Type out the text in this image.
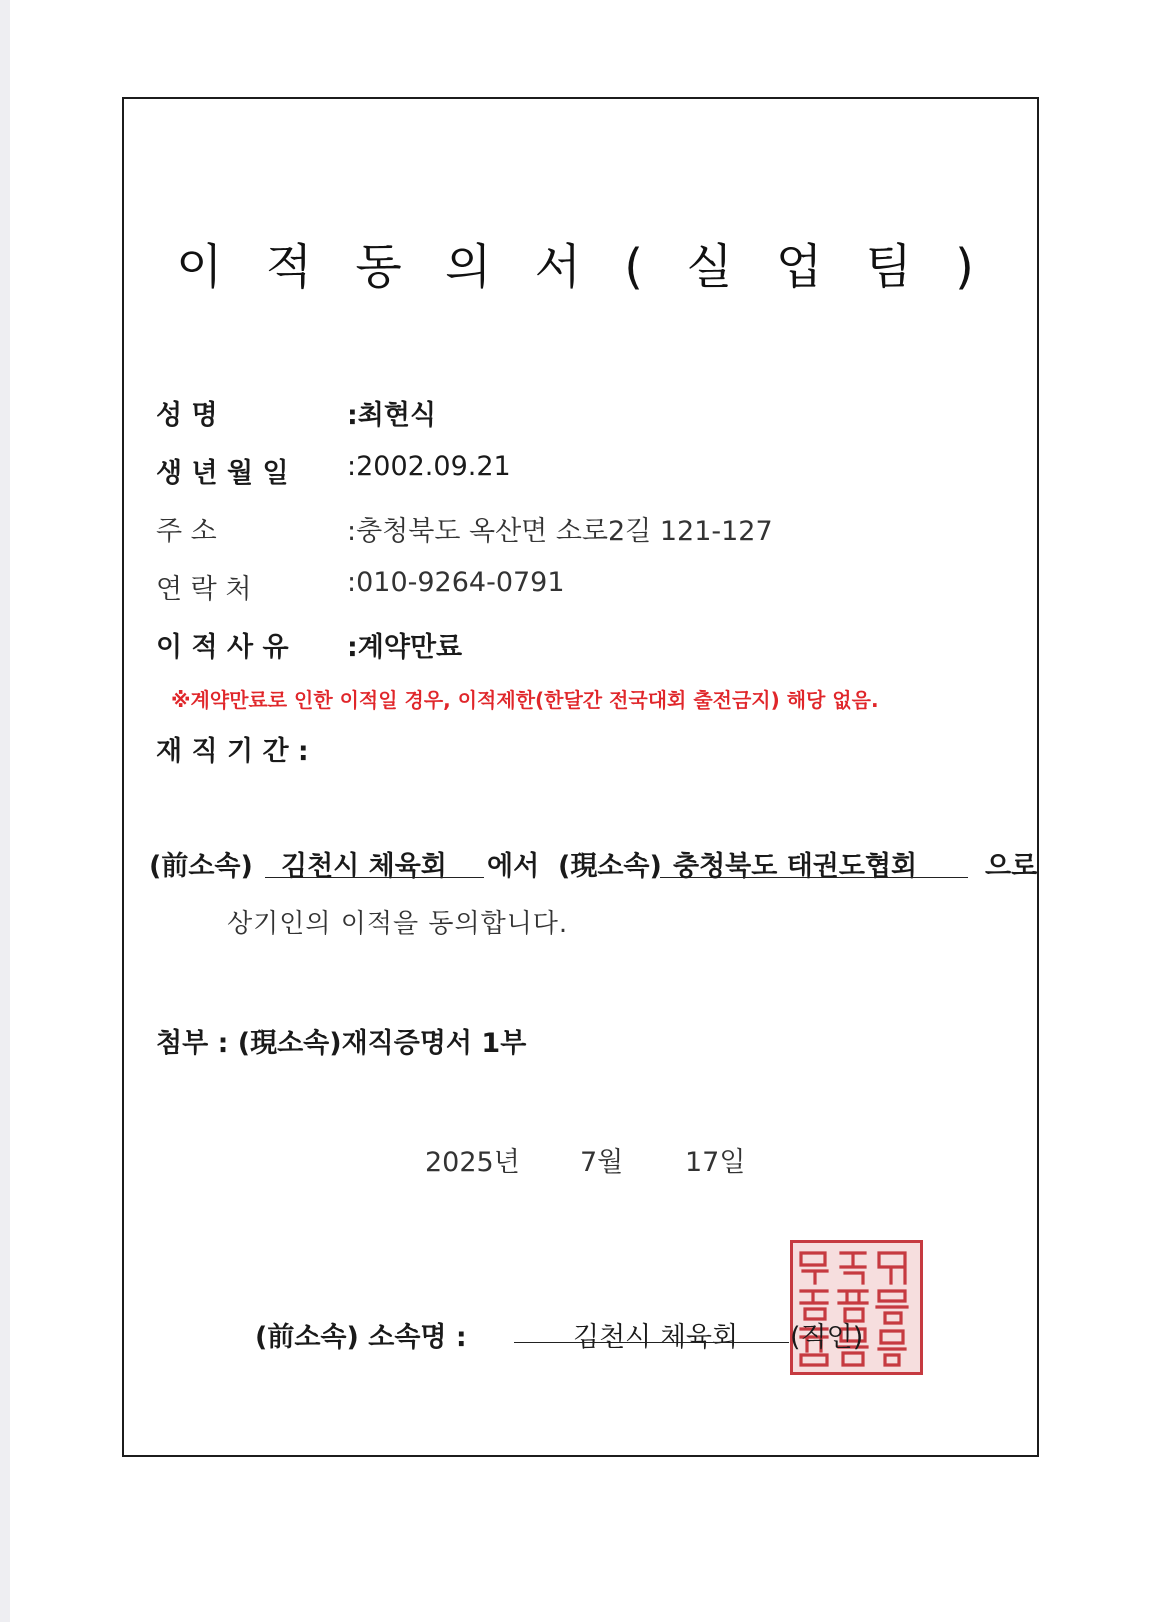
이 적 동 의 서 ( 실 업 팀 )
성 명	:최현식
생 년 월 일 :2002.09.21
주 소	:충청북도 옥산면 소로2길 121-127
연 락 처	:010-9264-0791
이 적 사 유 :계약만료
※계약만료로 인한 이적일 경우, 이적제한(한달간 전국대회 출전금지) 해당 없음.
재 직 기 간 :
(前소속) 김천시 체육회 에서 (現소속) 충청북도 태권도협회	으로
상기인의 이적을 동의합니다.
첨부 : (現소속)재직증명서 1부
2025년 7월 17일
(前소속) 소속명 :	김천시 체육회 (직인)
